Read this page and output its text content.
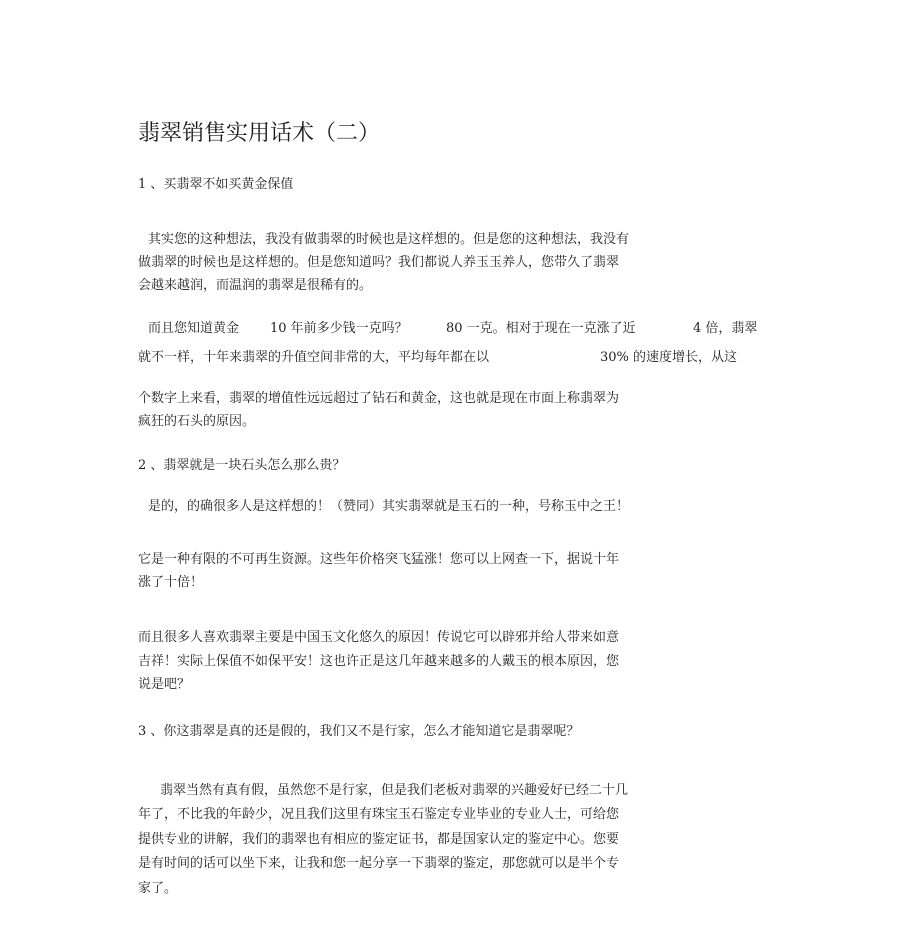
翡翠销售实用话术（二）
1 、买翡翠不如买黄金保值
其实您的这种想法，我没有做翡翠的时候也是这样想的。但是您的这种想法，我没有
做翡翠的时候也是这样想的。但是您知道吗？我们都说人养玉玉养人，您带久了翡翠
会越来越润，而温润的翡翠是很稀有的。
而且您知道黄金 10 年前多少钱一克吗？	80 一克。相对于现在一克涨了近	4 倍，翡翠
就不一样，十年来翡翠的升值空间非常的大，平均每年都在以	30% 的速度增长，从这
个数字上来看，翡翠的增值性远远超过了钻石和黄金，这也就是现在市面上称翡翠为
疯狂的石头的原因。
2 、翡翠就是一块石头怎么那么贵？
是的，的确很多人是这样想的！（赞同）其实翡翠就是玉石的一种，号称玉中之王！
它是一种有限的不可再生资源。这些年价格突飞猛涨！您可以上网查一下，据说十年
涨了十倍！
而且很多人喜欢翡翠主要是中国玉文化悠久的原因！传说它可以辟邪并给人带来如意
吉祥！实际上保值不如保平安！这也许正是这几年越来越多的人戴玉的根本原因，您
说是吧？
3 、你这翡翠是真的还是假的，我们又不是行家，怎么才能知道它是翡翠呢？
翡翠当然有真有假，虽然您不是行家，但是我们老板对翡翠的兴趣爱好已经二十几
年了，不比我的年龄少，况且我们这里有珠宝玉石鉴定专业毕业的专业人士，可给您
提供专业的讲解，我们的翡翠也有相应的鉴定证书，都是国家认定的鉴定中心。您要
是有时间的话可以坐下来，让我和您一起分享一下翡翠的鉴定，那您就可以是半个专
家了。
